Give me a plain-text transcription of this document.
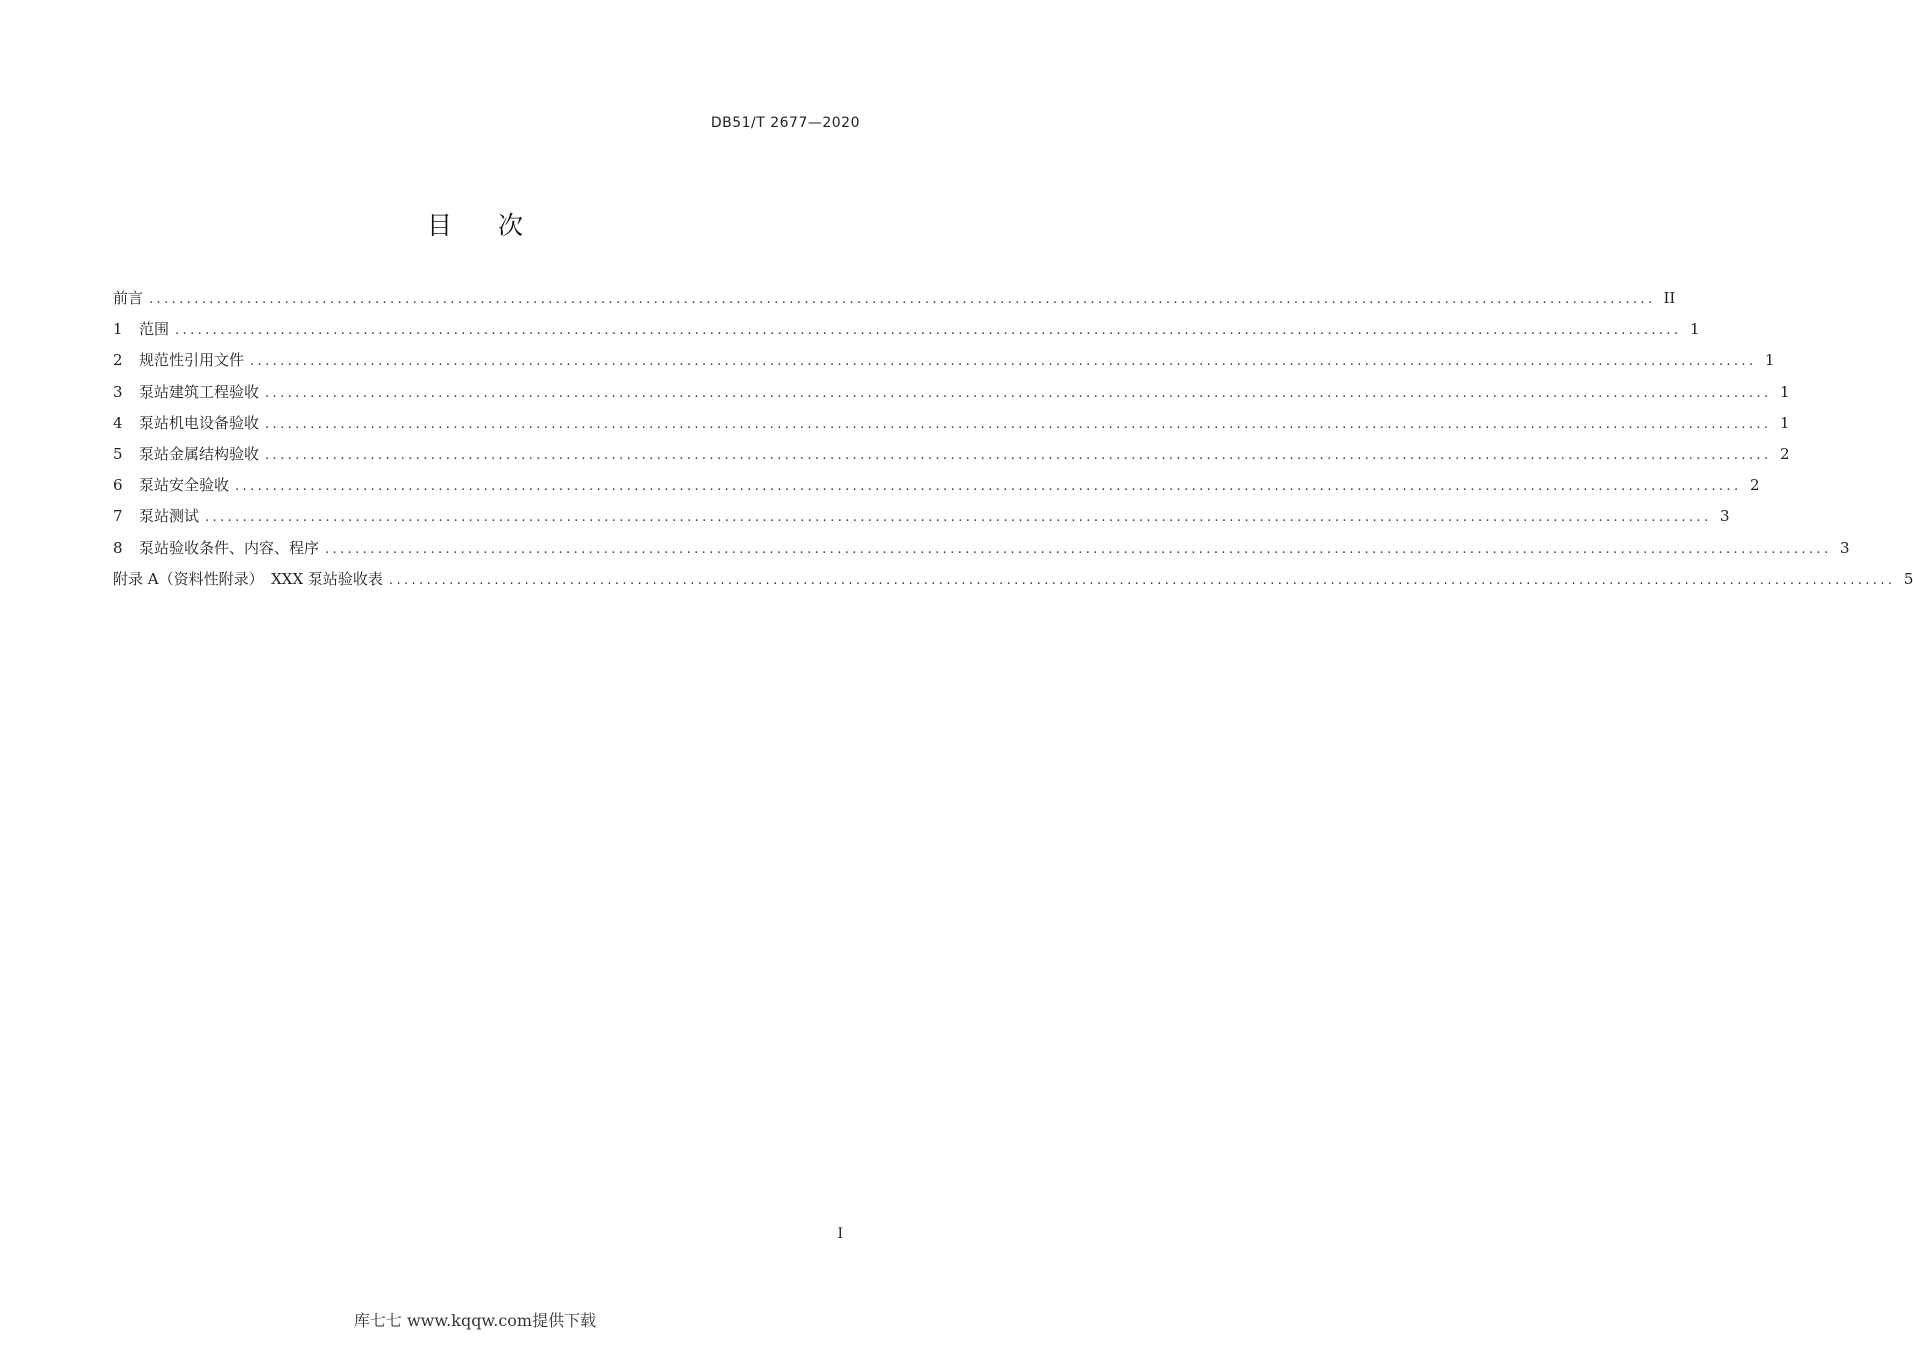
DB51/T 2677—2020
目次
前言 ........................................................................................................................................................................................................ II
1	范围 ........................................................................................................................................................................................................ 1
2	规范性引用文件 ........................................................................................................................................................................................................ 1
3	泵站建筑工程验收 ........................................................................................................................................................................................................ 1
4	泵站机电设备验收 ........................................................................................................................................................................................................ 1
5	泵站金属结构验收 ........................................................................................................................................................................................................ 2
6	泵站安全验收 ........................................................................................................................................................................................................ 2
7	泵站测试 ........................................................................................................................................................................................................ 3
8	泵站验收条件、内容、程序 ........................................................................................................................................................................................................ 3
附录 A（资料性附录）　XXX 泵站验收表 ........................................................................................................................................................................................................ 5
I
库七七 www.kqqw.com提供下载
